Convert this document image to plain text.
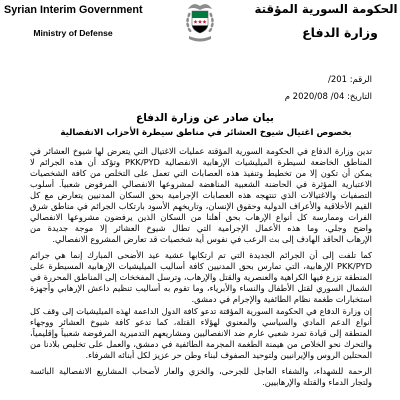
Syrian Interim Government
Ministry of Defense
الحكومة السورية المؤقتة
وزارة الدفاع
الرقم: /201
التاريخ: 2020/08 /04 م
بيان صادر عن وزارة الدفاع
بخصوص اغتيال شيوخ العشائر في مناطق سيطرة الأحزاب الانفصالية
تدين وزارة الدفاع في الحكومة السورية المؤقتة عمليات الاغتيال التي يتعرض لها شيوخ العشائر في
المناطق الخاضعة لسيطرة الميليشيات الإرهابية الانفصالية PKK/PYD وتؤكد أن هذه الجرائم لا
يمكن أن تكون إلا من تخطيط وتنفيذ هذه العصابات التي تعمل على التخلص من كافة الشخصيات
الاعتبارية المؤثرة في الحاضنة الشعبية المناهضة لمشروعها الانفصالي المرفوض شعبياً. أسلوب
التصفيات والاغتيالات الذي تنتهجه هذه العصابات الإجرامية بحق السكان المدنيين يتعارض مع كل
القيم الأخلاقية والأعراف الدولية وحقوق الإنسان، وتاريخهم الأسود بارتكاب الجرائم في مناطق شرق
الفرات وممارسة كل أنواع الإرهاب بحق أهلنا من السكان الذين يرفضون مشروعها الانفصالي
واضح وجلي، وما هذه الأعمال الإجرامية التي تطال شيوخ العشائر إلا موجة جديدة من
الإرهاب الحاقد الهادف إلى بث الرعب في نفوس أية شخصيات قد تعارض المشروع الانفصالي.
كما تلفت إلى أن الجرائم الجديدة التي تم ارتكابها عشية عيد الأضحى المبارك إنما هي جرائم
PKK/PYD الإرهابية، التي تمارس بحق المدنيين كافة أساليب الميليشيات الإرهابية المسيطرة على
المنطقة تزرع فيها الكراهية والعنصرية والقتل والإرهاب، وترسل المفخخات إلى المناطق المحررة في
الشمال السوري لقتل الأطفال والنساء والأبرياء، وما تقوم به أساليب تنظيم داعش الإرهابي وأجهزة
استخبارات طغمة نظام الطائفية والإجرام في دمشق.
إن وزارة الدفاع في الحكومة السورية المؤقتة تدعو كافة الدول الداعمة لهذه الميليشيات إلى وقف كل
أنواع الدعم المادي والسياسي والمعنوي لهؤلاء القتلة، كما تدعو كافة شيوخ العشائر ووجهاء
المنطقة إلى قيادة تمرد شعبي عارم ضد الانفصاليين ومشاريعهم التدميرية المرفوضة شعبياً وإقليمياً،
والتحرك نحو الخلاص من هيمنة الطغمة المجرمة الطائفية في دمشق، والعمل على تخليص بلادنا من
المحتلين الروس والإيرانيين ولتوحيد الصفوف لبناء وطن حر عزيز لكل أبنائه الشرفاء.
الرحمة للشهداء، والشفاء العاجل للجرحى، والخزي والعار لأصحاب المشاريع الانفصالية البائسة
ولتجار الدماء والقتلة والإرهابيين.
